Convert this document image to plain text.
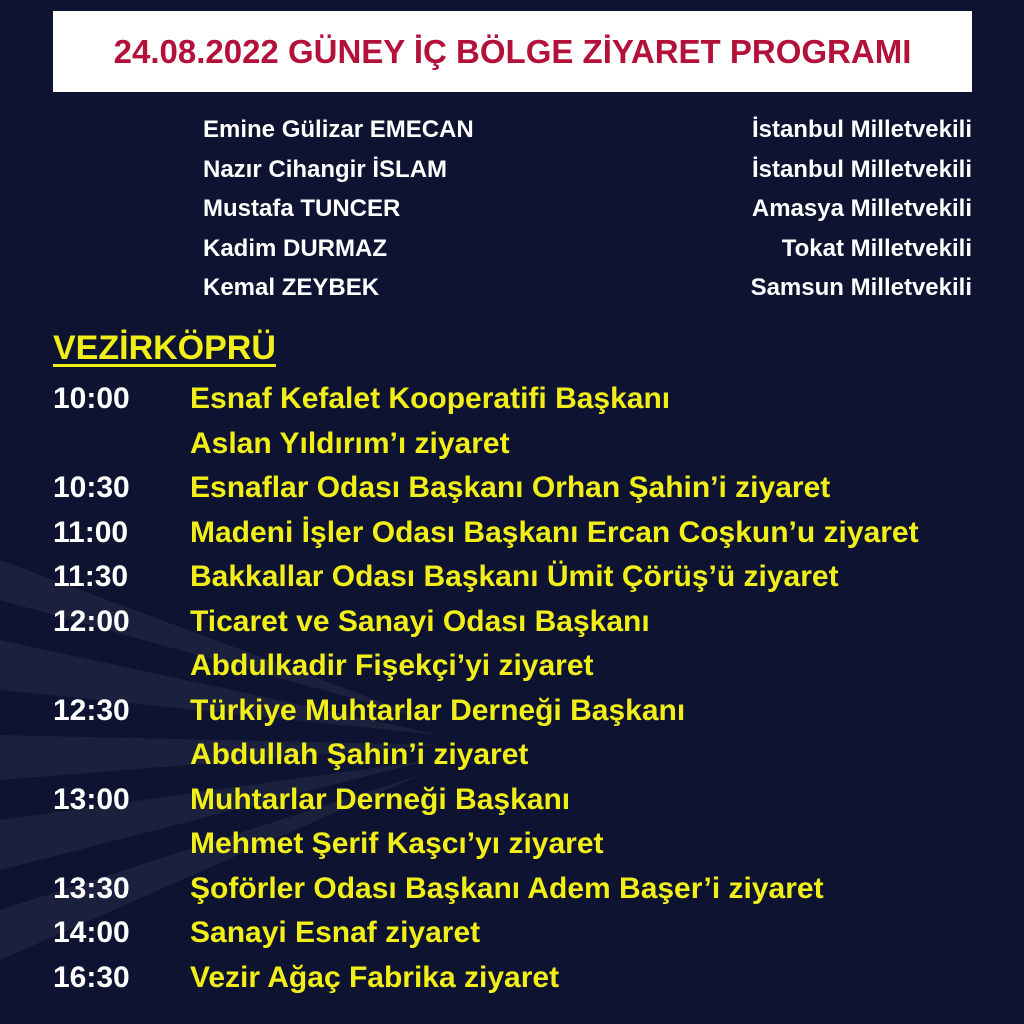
24.08.2022 GÜNEY İÇ BÖLGE ZİYARET PROGRAMI
Emine Gülizar EMECAN	İstanbul Milletvekili
Nazır Cihangir İSLAM	İstanbul Milletvekili
Mustafa TUNCER	Amasya Milletvekili
Kadim DURMAZ	Tokat Milletvekili
Kemal ZEYBEK	Samsun Milletvekili
VEZİRKÖPRÜ
10:00	Esnaf Kefalet Kooperatifi Başkanı
Aslan Yıldırım’ı ziyaret
10:30	Esnaflar Odası Başkanı Orhan Şahin’i ziyaret
11:00	Madeni İşler Odası Başkanı Ercan Coşkun’u ziyaret
11:30	Bakkallar Odası Başkanı Ümit Çörüş’ü ziyaret
12:00	Ticaret ve Sanayi Odası Başkanı
Abdulkadir Fişekçi’yi ziyaret
12:30	Türkiye Muhtarlar Derneği Başkanı
Abdullah Şahin’i ziyaret
13:00	Muhtarlar Derneği Başkanı
Mehmet Şerif Kaşcı’yı ziyaret
13:30	Şoförler Odası Başkanı Adem Başer’i ziyaret
14:00	Sanayi Esnaf ziyaret
16:30	Vezir Ağaç Fabrika ziyaret
